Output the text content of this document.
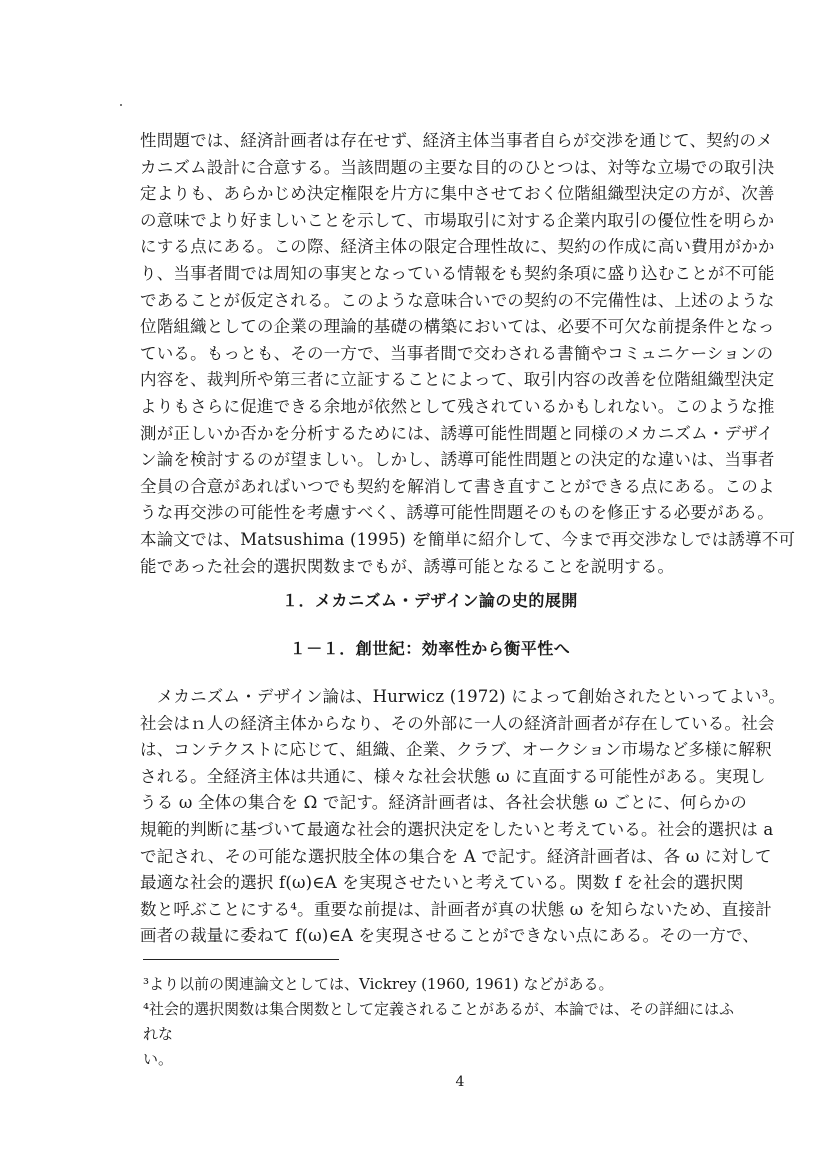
性問題では、経済計画者は存在せず、経済主体当事者自らが交渉を通じて、契約のメ
カニズム設計に合意する。当該問題の主要な目的のひとつは、対等な立場での取引決
定よりも、あらかじめ決定権限を片方に集中させておく位階組織型決定の方が、次善
の意味でより好ましいことを示して、市場取引に対する企業内取引の優位性を明らか
にする点にある。この際、経済主体の限定合理性故に、契約の作成に高い費用がかか
り、当事者間では周知の事実となっている情報をも契約条項に盛り込むことが不可能
であることが仮定される。このような意味合いでの契約の不完備性は、上述のような
位階組織としての企業の理論的基礎の構築においては、必要不可欠な前提条件となっ
ている。もっとも、その一方で、当事者間で交わされる書簡やコミュニケーションの
内容を、裁判所や第三者に立証することによって、取引内容の改善を位階組織型決定
よりもさらに促進できる余地が依然として残されているかもしれない。このような推
測が正しいか否かを分析するためには、誘導可能性問題と同様のメカニズム・デザイ
ン論を検討するのが望ましい。しかし、誘導可能性問題との決定的な違いは、当事者
全員の合意があればいつでも契約を解消して書き直すことができる点にある。このよ
うな再交渉の可能性を考慮すべく、誘導可能性問題そのものを修正する必要がある。
本論文では、Matsushima (1995) を簡単に紹介して、今まで再交渉なしでは誘導不可
能であった社会的選択関数までもが、誘導可能となることを説明する。
１．メカニズム・デザイン論の史的展開
１－１．創世紀：効率性から衡平性へ
　メカニズム・デザイン論は、Hurwicz (1972) によって創始されたといってよい³。
社会はｎ人の経済主体からなり、その外部に一人の経済計画者が存在している。社会
は、コンテクストに応じて、組織、企業、クラブ、オークション市場など多様に解釈
される。全経済主体は共通に、様々な社会状態 ω に直面する可能性がある。実現し
うる ω 全体の集合を Ω で記す。経済計画者は、各社会状態 ω ごとに、何らかの
規範的判断に基づいて最適な社会的選択決定をしたいと考えている。社会的選択は a
で記され、その可能な選択肢全体の集合を A で記す。経済計画者は、各 ω に対して
最適な社会的選択 f(ω)∈A を実現させたいと考えている。関数 f を社会的選択関
数と呼ぶことにする⁴。重要な前提は、計画者が真の状態 ω を知らないため、直接計
画者の裁量に委ねて f(ω)∈A を実現させることができない点にある。その一方で、

³より以前の関連論文としては、Vickrey (1960, 1961) などがある。

⁴社会的選択関数は集合関数として定義されることがあるが、本論では、その詳細にはふれな
い。
4
